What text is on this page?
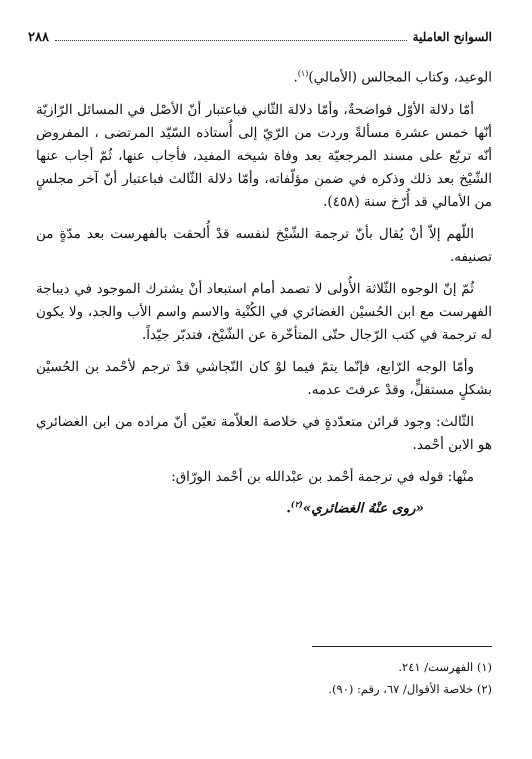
السوانح العاملية
٢٨٨

الوعيد، وكتاب المجالس (الأمالي)$^{(١)}$.

أمّا دلالة الأوّل فواضحةٌ، وأمّا دلالة الثّاني فباعتبار أنّ الأصْل في المسائل الرّازيّة أنّها خمس عشرة مسألةً وردت من الرّيّ إلى أُستاذه السّيّد المرتضى ، المفروض أنّه تربّع على مسند المرجعيّة بعد وفاة شيخه المفيد، فأجاب عنها، ثُمّ أجاب عنها الشّيْخ بعد ذلك وذكره في ضمن مؤلّفاته، وأمّا دلالة الثّالث فباعتبار أنّ آخر مجلسٍ من الأمالي قد أُرّخ سنة (٤٥٨).

اللّهم إلاّ أنْ يُقال بأنّ ترجمة الشّيْخ لنفسه قدْ أُلحقت بالفهرست بعد مدّةٍ من تصنيفه.

ثُمّ إنّ الوجوه الثّلاثة الأُولى لا تصمد أمام استبعاد أنْ يشترك الموجود في ديباجة الفهرست مع ابن الحُسيْن الغضائري في الكُنْية والاسم واسم الأب والجد، ولا يكون له ترجمة في كتب الرّجال حتّى المتأخّرة عن الشّيْخ، فتدبّر جيّداً.

وأمّا الوجه الرّابع، فإنّما يتمّ فيما لوْ كان النّجاشي قدْ ترجم لأحْمد بن الحُسيْن بشكلٍ مستقلٍّ، وقدْ عرفتَ عدمه.

الثّالث: وجود قرائن متعدّدةٍ في خلاصة العلاّمة تعيّن أنّ مراده من ابن الغضائري هو الابن أحْمد.

منْها: قوله في ترجمة أحْمد بن عبْدالله بن أحْمد الورّاق:

«روى عنْهُ الغضائري»$^{(٢)}$.

(١) الفهرست/ ٢٤١.
(٢) خلاصة الأقوال/ ٦٧، رقم: (٩٠).
